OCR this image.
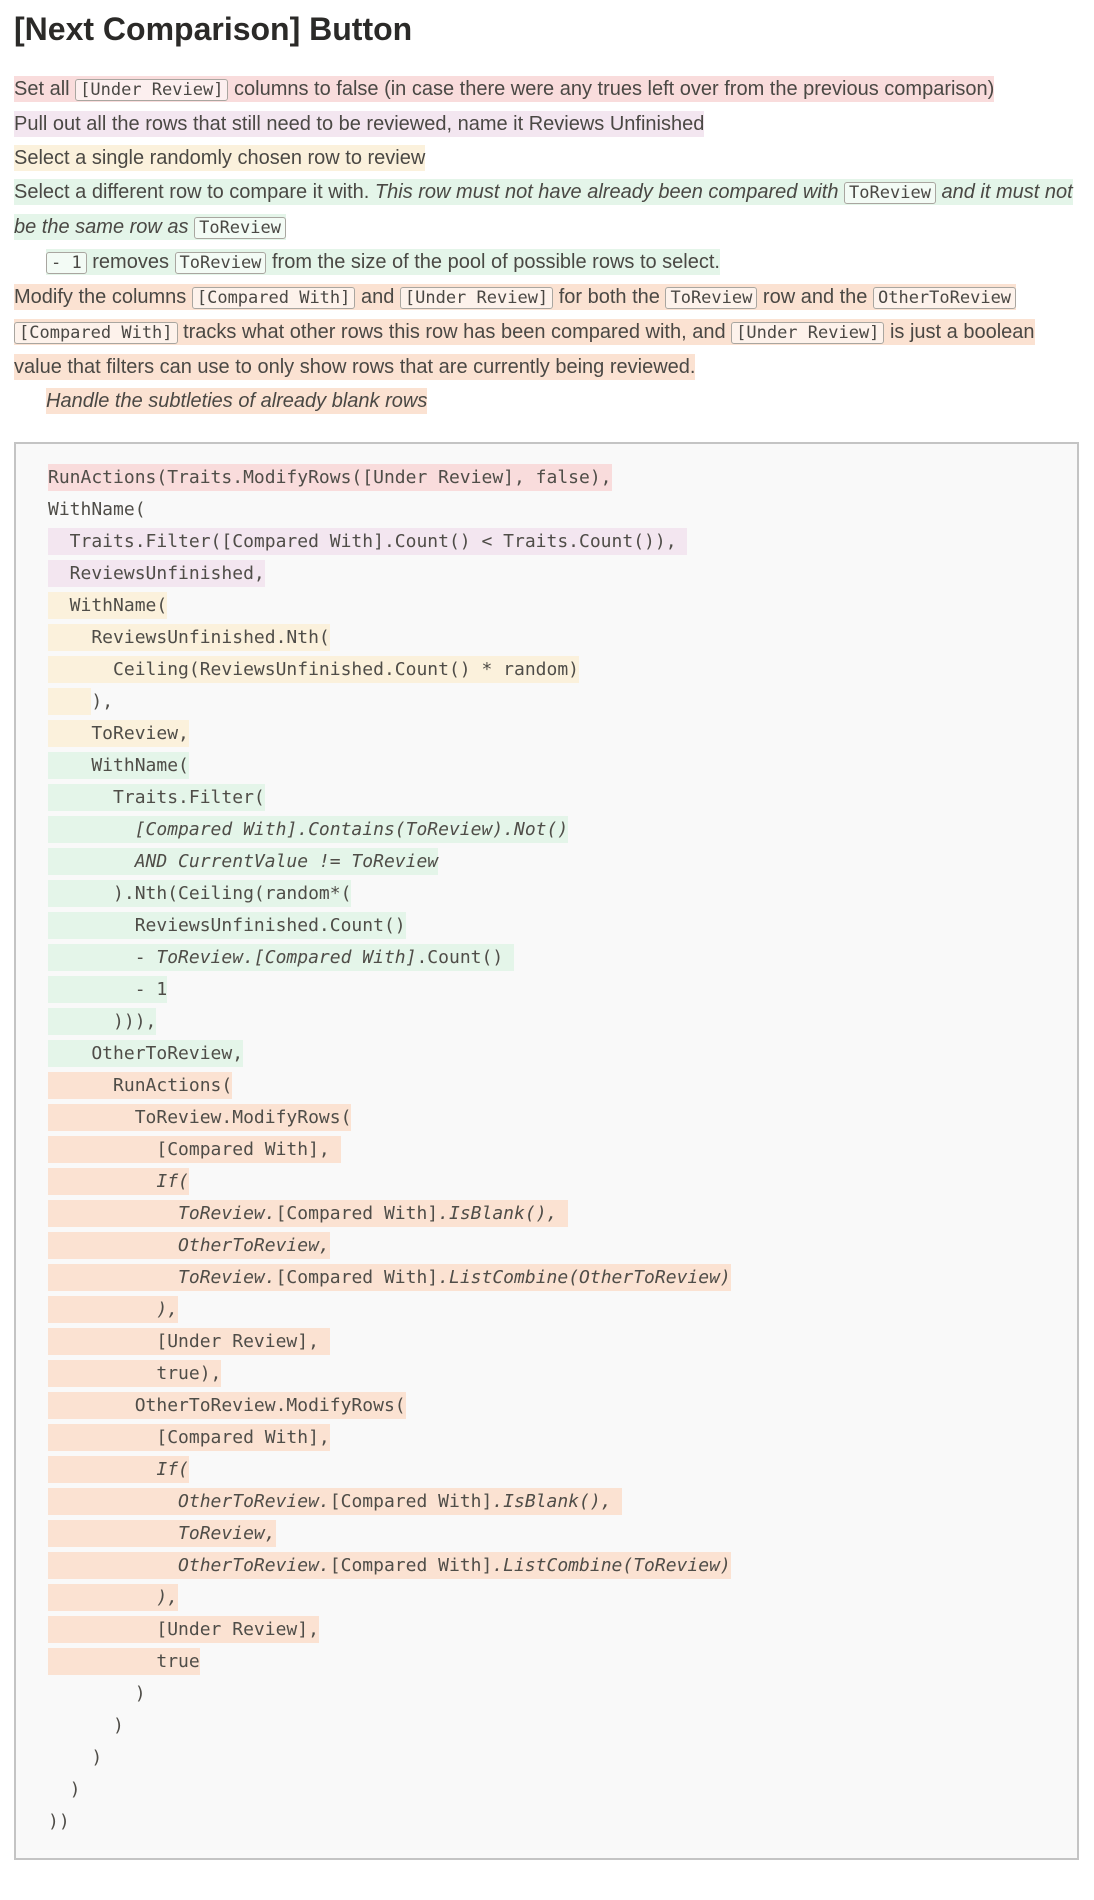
[Next Comparison] Button

Set all [Under Review] columns to false (in case there were any trues left over from the previous comparison)

Pull out all the rows that still need to be reviewed, name it Reviews Unfinished

Select a single randomly chosen row to review

Select a different row to compare it with. This row must not have already been compared with ToReview and it must not be the same row as ToReview

- 1 removes ToReview from the size of the pool of possible rows to select.

Modify the columns [Compared With] and [Under Review] for both the ToReview row and the OtherToReview [Compared With] tracks what other rows this row has been compared with, and [Under Review] is just a boolean value that filters can use to only show rows that are currently being reviewed.

Handle the subtleties of already blank rows

RunActions(Traits.ModifyRows([Under Review], false),
WithName(
Traits.Filter([Compared With].Count() < Traits.Count()),
ReviewsUnfinished,
WithName(
ReviewsUnfinished.Nth(
Ceiling(ReviewsUnfinished.Count() * random)
),
ToReview,
WithName(
Traits.Filter(
[Compared With].Contains(ToReview).Not()
AND CurrentValue != ToReview
).Nth(Ceiling(random*(
ReviewsUnfinished.Count()
- ToReview.[Compared With].Count()
- 1
))),
OtherToReview,
RunActions(
ToReview.ModifyRows(
[Compared With],
If(
ToReview.[Compared With].IsBlank(),
OtherToReview,
ToReview.[Compared With].ListCombine(OtherToReview)
),
[Under Review],
true),
OtherToReview.ModifyRows(
[Compared With],
If(
OtherToReview.[Compared With].IsBlank(),
ToReview,
OtherToReview.[Compared With].ListCombine(ToReview)
),
[Under Review],
true
)
)
)
)
))
